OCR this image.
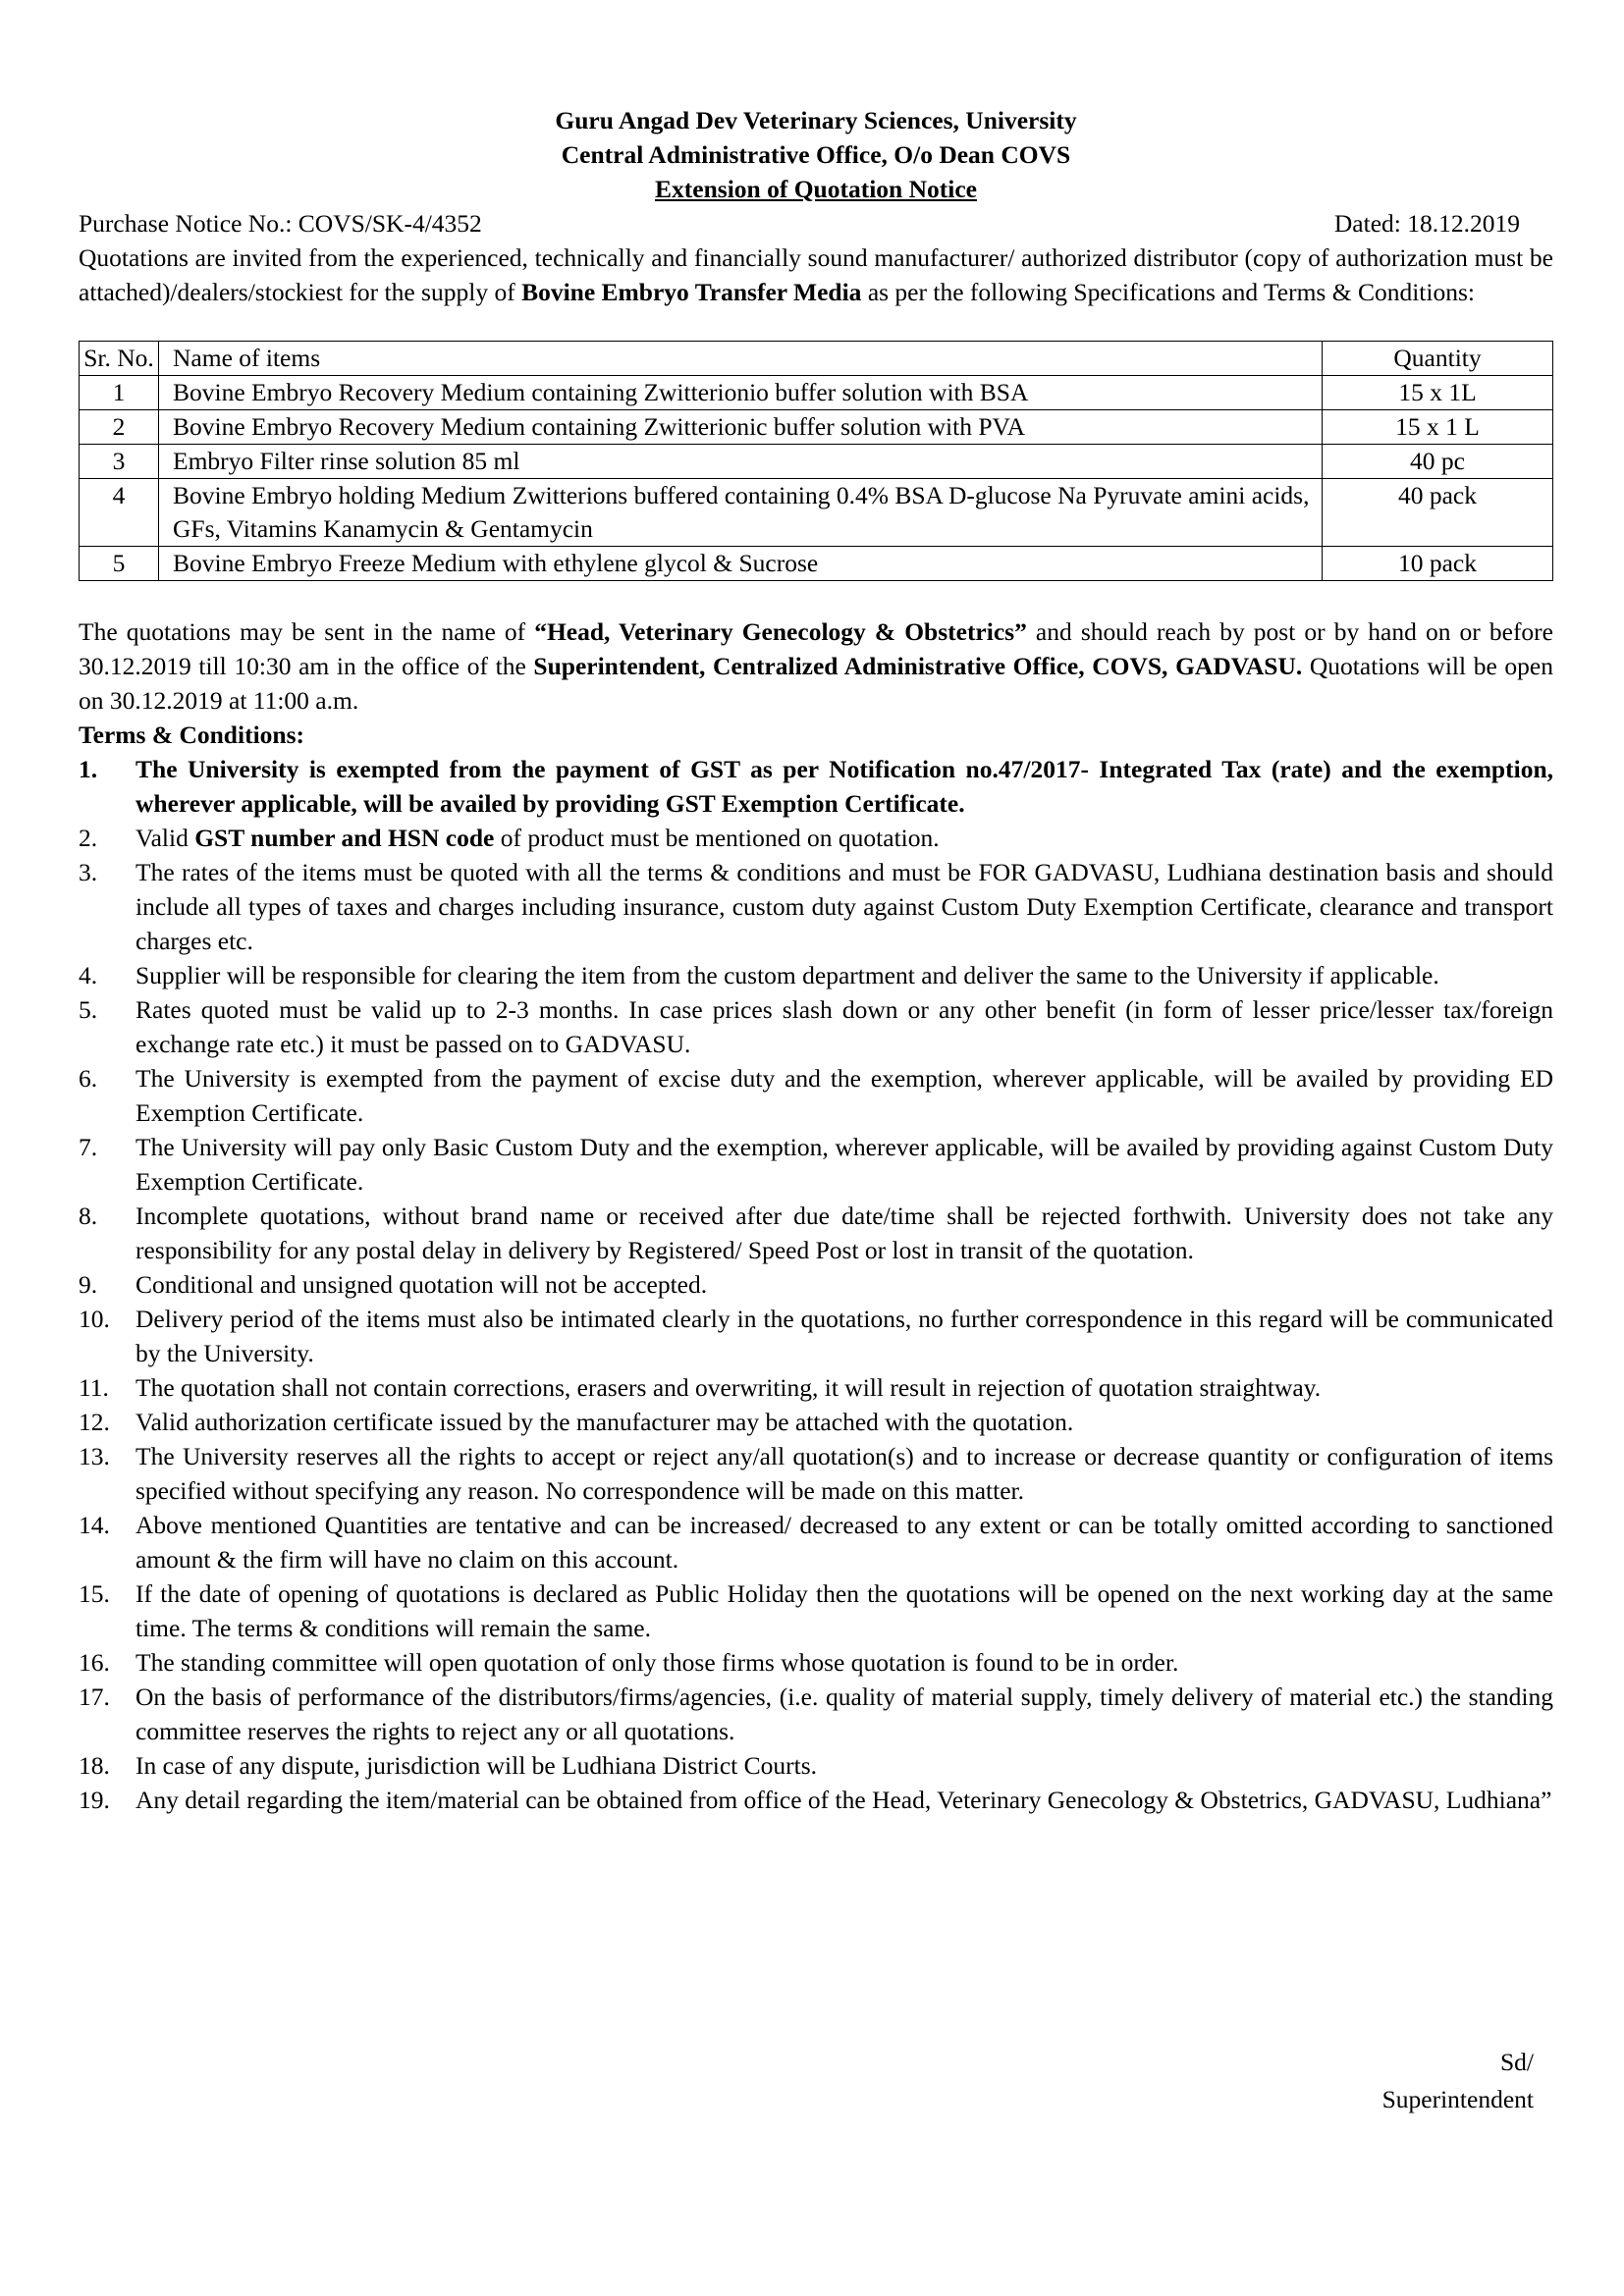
Guru Angad Dev Veterinary Sciences, University
Central Administrative Office, O/o Dean COVS
Extension of Quotation Notice
Purchase Notice No.: COVS/SK-4/4352	Dated: 18.12.2019
Quotations are invited from the experienced, technically and financially sound manufacturer/ authorized distributor (copy of authorization must be attached)/dealers/stockiest for the supply of Bovine Embryo Transfer Media as per the following Specifications and Terms & Conditions:
Sr. No.	Name of items	Quantity
1	Bovine Embryo Recovery Medium containing Zwitterionio buffer solution with BSA	15 x 1L
2	Bovine Embryo Recovery Medium containing Zwitterionic buffer solution with PVA	15 x 1 L
3	Embryo Filter rinse solution 85 ml	40 pc
4	Bovine Embryo holding Medium Zwitterions buffered containing 0.4% BSA D-glucose Na Pyruvate amini acids, GFs, Vitamins Kanamycin & Gentamycin	40 pack
5	Bovine Embryo Freeze Medium with ethylene glycol & Sucrose	10 pack
The quotations may be sent in the name of “Head, Veterinary Genecology & Obstetrics” and should reach by post or by hand on or before 30.12.2019 till 10:30 am in the office of the Superintendent, Centralized Administrative Office, COVS, GADVASU. Quotations will be open on 30.12.2019 at 11:00 a.m.
Terms & Conditions:
1.	The University is exempted from the payment of GST as per Notification no.47/2017- Integrated Tax (rate) and the exemption, wherever applicable, will be availed by providing GST Exemption Certificate.
2.	Valid GST number and HSN code of product must be mentioned on quotation.
3.	The rates of the items must be quoted with all the terms & conditions and must be FOR GADVASU, Ludhiana destination basis and should include all types of taxes and charges including insurance, custom duty against Custom Duty Exemption Certificate, clearance and transport charges etc.
4.	Supplier will be responsible for clearing the item from the custom department and deliver the same to the University if applicable.
5.	Rates quoted must be valid up to 2-3 months. In case prices slash down or any other benefit (in form of lesser price/lesser tax/foreign exchange rate etc.) it must be passed on to GADVASU.
6.	The University is exempted from the payment of excise duty and the exemption, wherever applicable, will be availed by providing ED Exemption Certificate.
7.	The University will pay only Basic Custom Duty and the exemption, wherever applicable, will be availed by providing against Custom Duty Exemption Certificate.
8.	Incomplete quotations, without brand name or received after due date/time shall be rejected forthwith. University does not take any responsibility for any postal delay in delivery by Registered/ Speed Post or lost in transit of the quotation.
9.	Conditional and unsigned quotation will not be accepted.
10.	Delivery period of the items must also be intimated clearly in the quotations, no further correspondence in this regard will be communicated by the University.
11.	The quotation shall not contain corrections, erasers and overwriting, it will result in rejection of quotation straightway.
12.	Valid authorization certificate issued by the manufacturer may be attached with the quotation.
13.	The University reserves all the rights to accept or reject any/all quotation(s) and to increase or decrease quantity or configuration of items specified without specifying any reason. No correspondence will be made on this matter.
14.	Above mentioned Quantities are tentative and can be increased/ decreased to any extent or can be totally omitted according to sanctioned amount & the firm will have no claim on this account.
15.	If the date of opening of quotations is declared as Public Holiday then the quotations will be opened on the next working day at the same time. The terms & conditions will remain the same.
16.	The standing committee will open quotation of only those firms whose quotation is found to be in order.
17.	On the basis of performance of the distributors/firms/agencies, (i.e. quality of material supply, timely delivery of material etc.) the standing committee reserves the rights to reject any or all quotations.
18.	In case of any dispute, jurisdiction will be Ludhiana District Courts.
19.	Any detail regarding the item/material can be obtained from office of the Head, Veterinary Genecology & Obstetrics, GADVASU, Ludhiana”
Sd/
Superintendent
